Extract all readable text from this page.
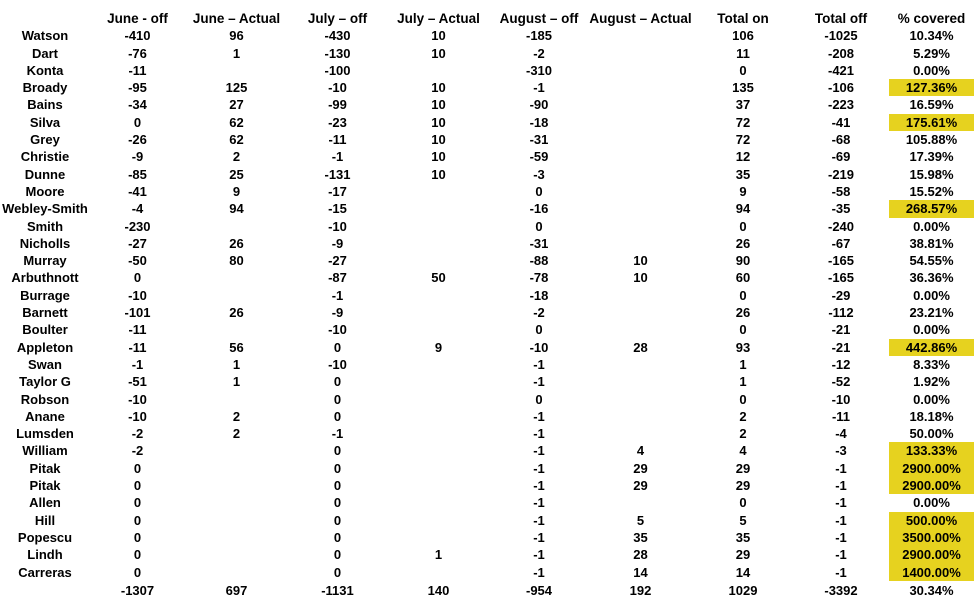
	June - off	June – Actual	July – off	July – Actual	August – off	August – Actual	Total on	Total off	% covered
Watson	-410	96	-430	10	-185		106	-1025	10.34%
Dart	-76	1	-130	10	-2		11	-208	5.29%
Konta	-11		-100		-310		0	-421	0.00%
Broady	-95	125	-10	10	-1		135	-106	127.36%
Bains	-34	27	-99	10	-90		37	-223	16.59%
Silva	0	62	-23	10	-18		72	-41	175.61%
Grey	-26	62	-11	10	-31		72	-68	105.88%
Christie	-9	2	-1	10	-59		12	-69	17.39%
Dunne	-85	25	-131	10	-3		35	-219	15.98%
Moore	-41	9	-17		0		9	-58	15.52%
Webley-Smith	-4	94	-15		-16		94	-35	268.57%
Smith	-230		-10		0		0	-240	0.00%
Nicholls	-27	26	-9		-31		26	-67	38.81%
Murray	-50	80	-27		-88	10	90	-165	54.55%
Arbuthnott	0		-87	50	-78	10	60	-165	36.36%
Burrage	-10		-1		-18		0	-29	0.00%
Barnett	-101	26	-9		-2		26	-112	23.21%
Boulter	-11		-10		0		0	-21	0.00%
Appleton	-11	56	0	9	-10	28	93	-21	442.86%
Swan	-1	1	-10		-1		1	-12	8.33%
Taylor G	-51	1	0		-1		1	-52	1.92%
Robson	-10		0		0		0	-10	0.00%
Anane	-10	2	0		-1		2	-11	18.18%
Lumsden	-2	2	-1		-1		2	-4	50.00%
William	-2		0		-1	4	4	-3	133.33%
Pitak	0		0		-1	29	29	-1	2900.00%
Pitak	0		0		-1	29	29	-1	2900.00%
Allen	0		0		-1		0	-1	0.00%
Hill	0		0		-1	5	5	-1	500.00%
Popescu	0		0		-1	35	35	-1	3500.00%
Lindh	0		0	1	-1	28	29	-1	2900.00%
Carreras	0		0		-1	14	14	-1	1400.00%
	-1307	697	-1131	140	-954	192	1029	-3392	30.34%
